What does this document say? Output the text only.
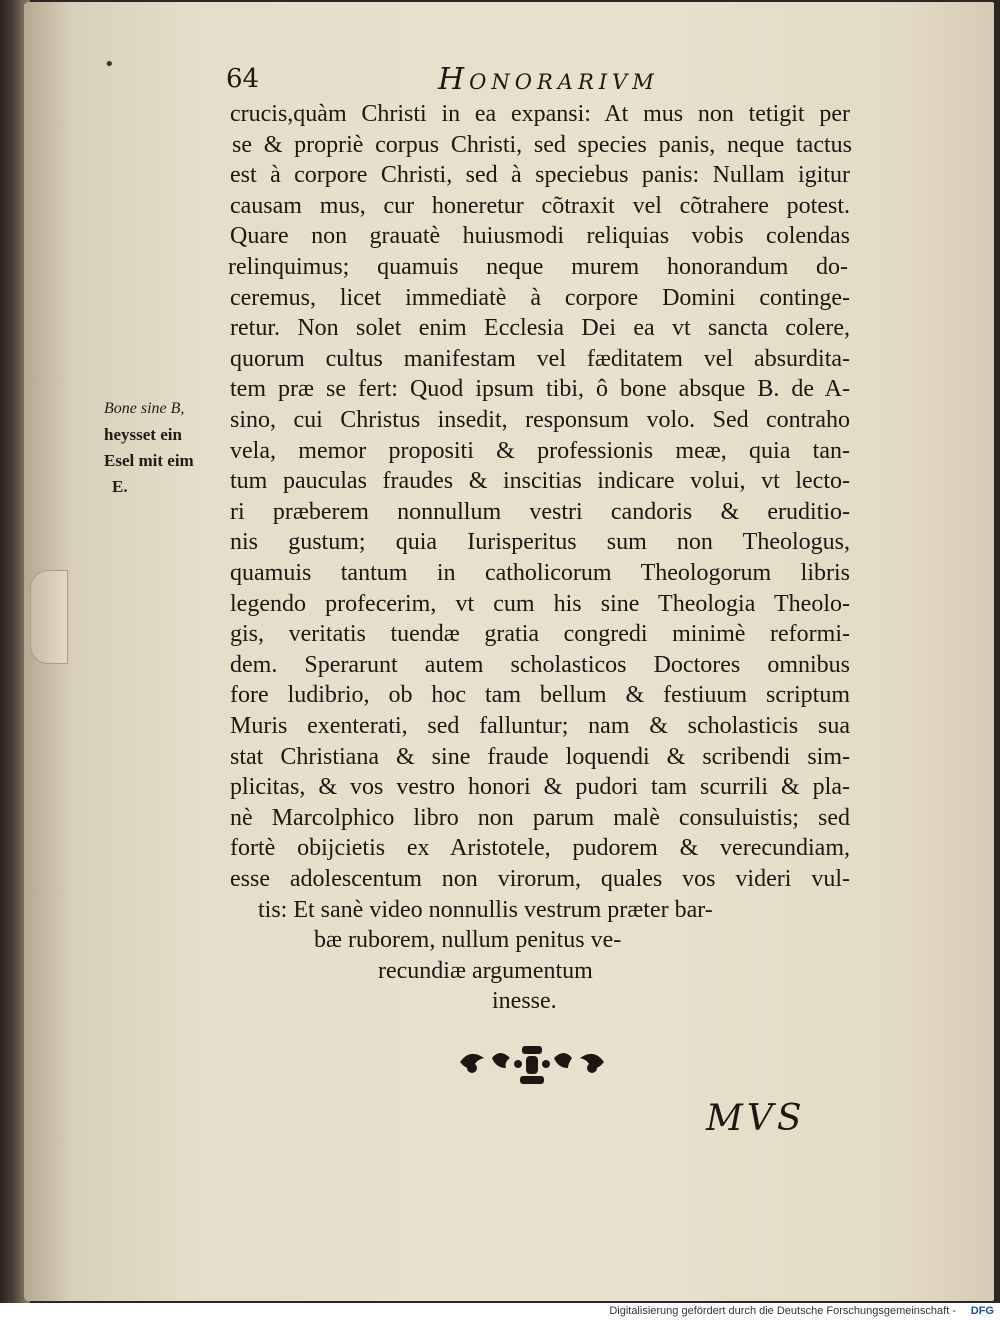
•	64	Honorarivm
crucis,quàm Christi in ea expansi: At mus non tetigit per
se & propriè corpus Christi, sed species panis, neque tactus
est à corpore Christi, sed à speciebus panis: Nullam igitur
causam mus, cur honeretur cõtraxit vel cõtrahere potest.
Quare non grauatè huiusmodi reliquias vobis colendas
relinquimus; quamuis neque murem honorandum do-
ceremus, licet immediatè à corpore Domini continge-
retur. Non solet enim Ecclesia Dei ea vt sancta colere,
quorum cultus manifestam vel fæditatem vel absurdita-
tem præ se fert: Quod ipsum tibi, ô bone absque B. de A-
sino, cui Christus insedit, responsum volo. Sed contraho
vela, memor propositi & professionis meæ, quia tan-
tum pauculas fraudes & inscitias indicare volui, vt lecto-
ri præberem nonnullum vestri candoris & eruditio-
nis gustum; quia Iurisperitus sum non Theologus,
quamuis tantum in catholicorum Theologorum libris
legendo profecerim, vt cum his sine Theologia Theolo-
gis, veritatis tuendæ gratia congredi minimè reformi-
dem. Sperarunt autem scholasticos Doctores omnibus
fore ludibrio, ob hoc tam bellum & festiuum scriptum
Muris exenterati, sed falluntur; nam & scholasticis sua
stat Christiana & sine fraude loquendi & scribendi sim-
plicitas, & vos vestro honori & pudori tam scurrili & pla-
nè Marcolphico libro non parum malè consuluistis; sed
fortè obijcietis ex Aristotele, pudorem & verecundiam,
esse adolescentum non virorum, quales vos videri vul-
tis: Et sanè video nonnullis vestrum præter bar-
bæ ruborem, nullum penitus ve-
recundiæ argumentum
inesse.
Bone sine B,
heysset ein
Esel mit eim
E.
MVS
Digitalisierung gefördert durch die Deutsche Forschungsgemeinschaft - DFG
